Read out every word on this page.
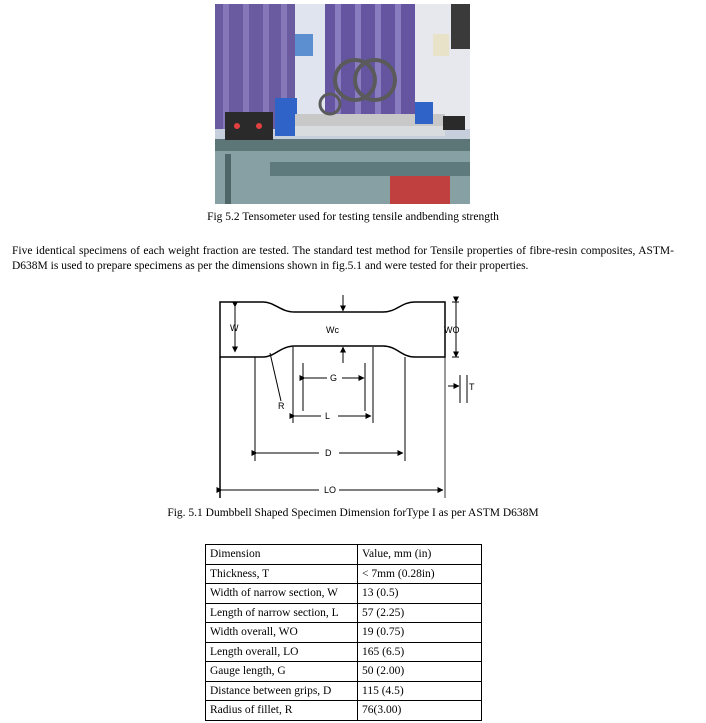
Fig 5.2 Tensometer used for testing tensile andbending strength

Five identical specimens of each weight fraction are tested. The standard test method for Tensile properties of fibre-resin composites, ASTM- D638M is used to prepare specimens as per the dimensions shown in fig.5.1 and were tested for their properties.

W	Wc	WO
G
R
T
L
D
LO
Fig. 5.1 Dumbbell Shaped Specimen Dimension forType I as per ASTM D638M
Dimension	Value, mm (in)
Thickness, T	< 7mm (0.28in)
Width of narrow section, W	13 (0.5)
Length of narrow section, L	57 (2.25)
Width overall, WO	19 (0.75)
Length overall, LO	165 (6.5)
Gauge length, G	50 (2.00)
Distance between grips, D	115 (4.5)
Radius of fillet, R	76(3.00)
